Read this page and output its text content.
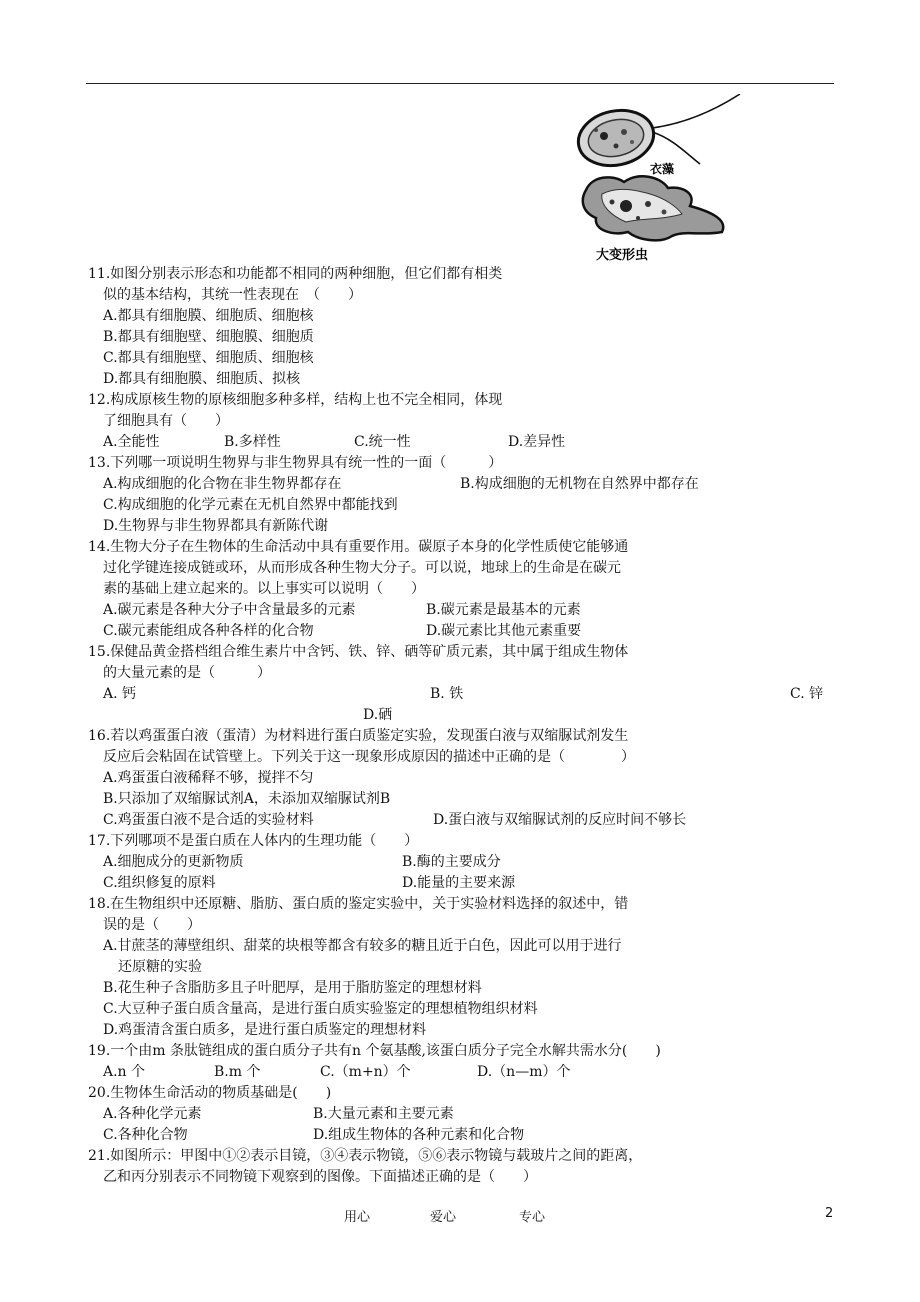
衣藻
大变形虫
11.如图分别表示形态和功能都不相同的两种细胞，但它们都有相类
似的基本结构，其统一性表现在　（　　）
A.都具有细胞膜、细胞质、细胞核
B.都具有细胞壁、细胞膜、细胞质
C.都具有细胞壁、细胞质、细胞核
D.都具有细胞膜、细胞质、拟核
12.构成原核生物的原核细胞多种多样，结构上也不完全相同，体现
了细胞具有（　　）
A.全能性	B.多样性	C.统一性	D.差异性
13.下列哪一项说明生物界与非生物界具有统一性的一面（　　　）
A.构成细胞的化合物在非生物界都存在	B.构成细胞的无机物在自然界中都存在
C.构成细胞的化学元素在无机自然界中都能找到
D.生物界与非生物界都具有新陈代谢
14.生物大分子在生物体的生命活动中具有重要作用。碳原子本身的化学性质使它能够通
过化学键连接成链或环，从而形成各种生物大分子。可以说，地球上的生命是在碳元
素的基础上建立起来的。以上事实可以说明（　　）
A.碳元素是各种大分子中含量最多的元素	B.碳元素是最基本的元素
C.碳元素能组成各种各样的化合物	D.碳元素比其他元素重要
15.保健品黄金搭档组合维生素片中含钙、铁、锌、硒等矿质元素，其中属于组成生物体
的大量元素的是（　　　）
A. 钙	B. 铁	C. 锌
D.硒
16.若以鸡蛋蛋白液（蛋清）为材料进行蛋白质鉴定实验，发现蛋白液与双缩脲试剂发生
反应后会粘固在试管壁上。下列关于这一现象形成原因的描述中正确的是（　　　　）
A.鸡蛋蛋白液稀释不够，搅拌不匀
B.只添加了双缩脲试剂A，未添加双缩脲试剂B
C.鸡蛋蛋白液不是合适的实验材料	D.蛋白液与双缩脲试剂的反应时间不够长
17.下列哪项不是蛋白质在人体内的生理功能（　　）
A.细胞成分的更新物质	B.酶的主要成分
C.组织修复的原料	D.能量的主要来源
18.在生物组织中还原糖、脂肪、蛋白质的鉴定实验中，关于实验材料选择的叙述中，错
误的是（　　）
A.甘蔗茎的薄壁组织、甜菜的块根等都含有较多的糖且近于白色，因此可以用于进行
还原糖的实验
B.花生种子含脂肪多且子叶肥厚，是用于脂肪鉴定的理想材料
C.大豆种子蛋白质含量高，是进行蛋白质实验鉴定的理想植物组织材料
D.鸡蛋清含蛋白质多，是进行蛋白质鉴定的理想材料
19.一个由m 条肽链组成的蛋白质分子共有n 个氨基酸,该蛋白质分子完全水解共需水分(　　)
A.n 个	B.m 个	C.（m+n）个	D.（n—m）个
20.生物体生命活动的物质基础是(　　)
A.各种化学元素	B.大量元素和主要元素
C.各种化合物	D.组成生物体的各种元素和化合物
21.如图所示：甲图中①②表示目镜，③④表示物镜，⑤⑥表示物镜与载玻片之间的距离，
乙和丙分别表示不同物镜下观察到的图像。下面描述正确的是（　　）
用心	爱心	专心	2
